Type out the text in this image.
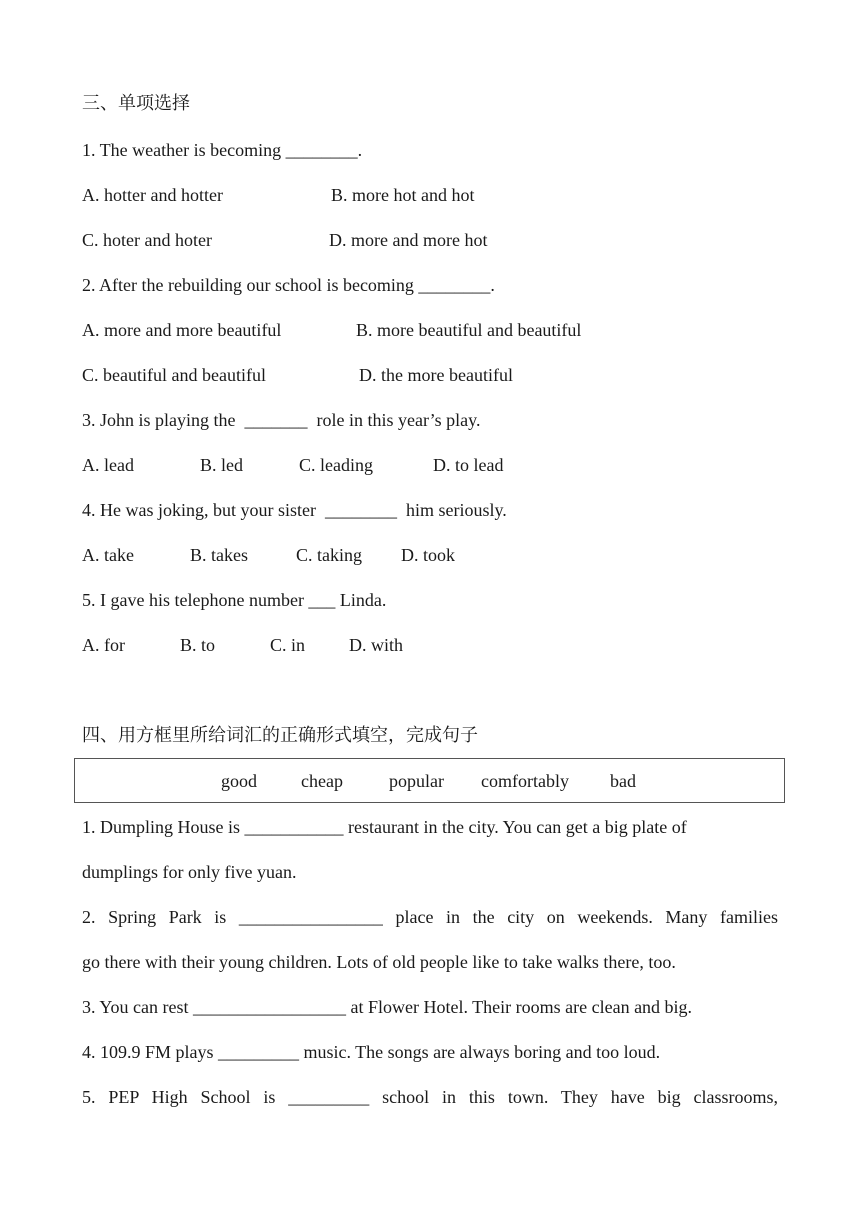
三、单项选择
1. The weather is becoming ________.
A. hotter and hotter	B. more hot and hot
C. hoter and hoter	D. more and more hot
2. After the rebuilding our school is becoming ________.
A. more and more beautiful	B. more beautiful and beautiful
C. beautiful and beautiful	D. the more beautiful
3. John is playing the  _______  role in this year’s play.
A. lead	B. led	C. leading	D. to lead
4. He was joking, but your sister  ________  him seriously.
A. take	B. takes	C. taking D. took
5. I gave his telephone number ___ Linda.
A. for	B. to	C. in D. with
四、用方框里所给词汇的正确形式填空，完成句子
good cheap	popular comfortably bad
1. Dumpling House is ___________ restaurant in the city. You can get a big plate of
dumplings for only five yuan.
2. Spring Park is ________________ place in the city on weekends. Many families
go there with their young children. Lots of old people like to take walks there, too.
3. You can rest _________________ at Flower Hotel. Their rooms are clean and big.
4. 109.9 FM plays _________ music. The songs are always boring and too loud.
5. PEP High School is _________ school in this town. They have big classrooms,
